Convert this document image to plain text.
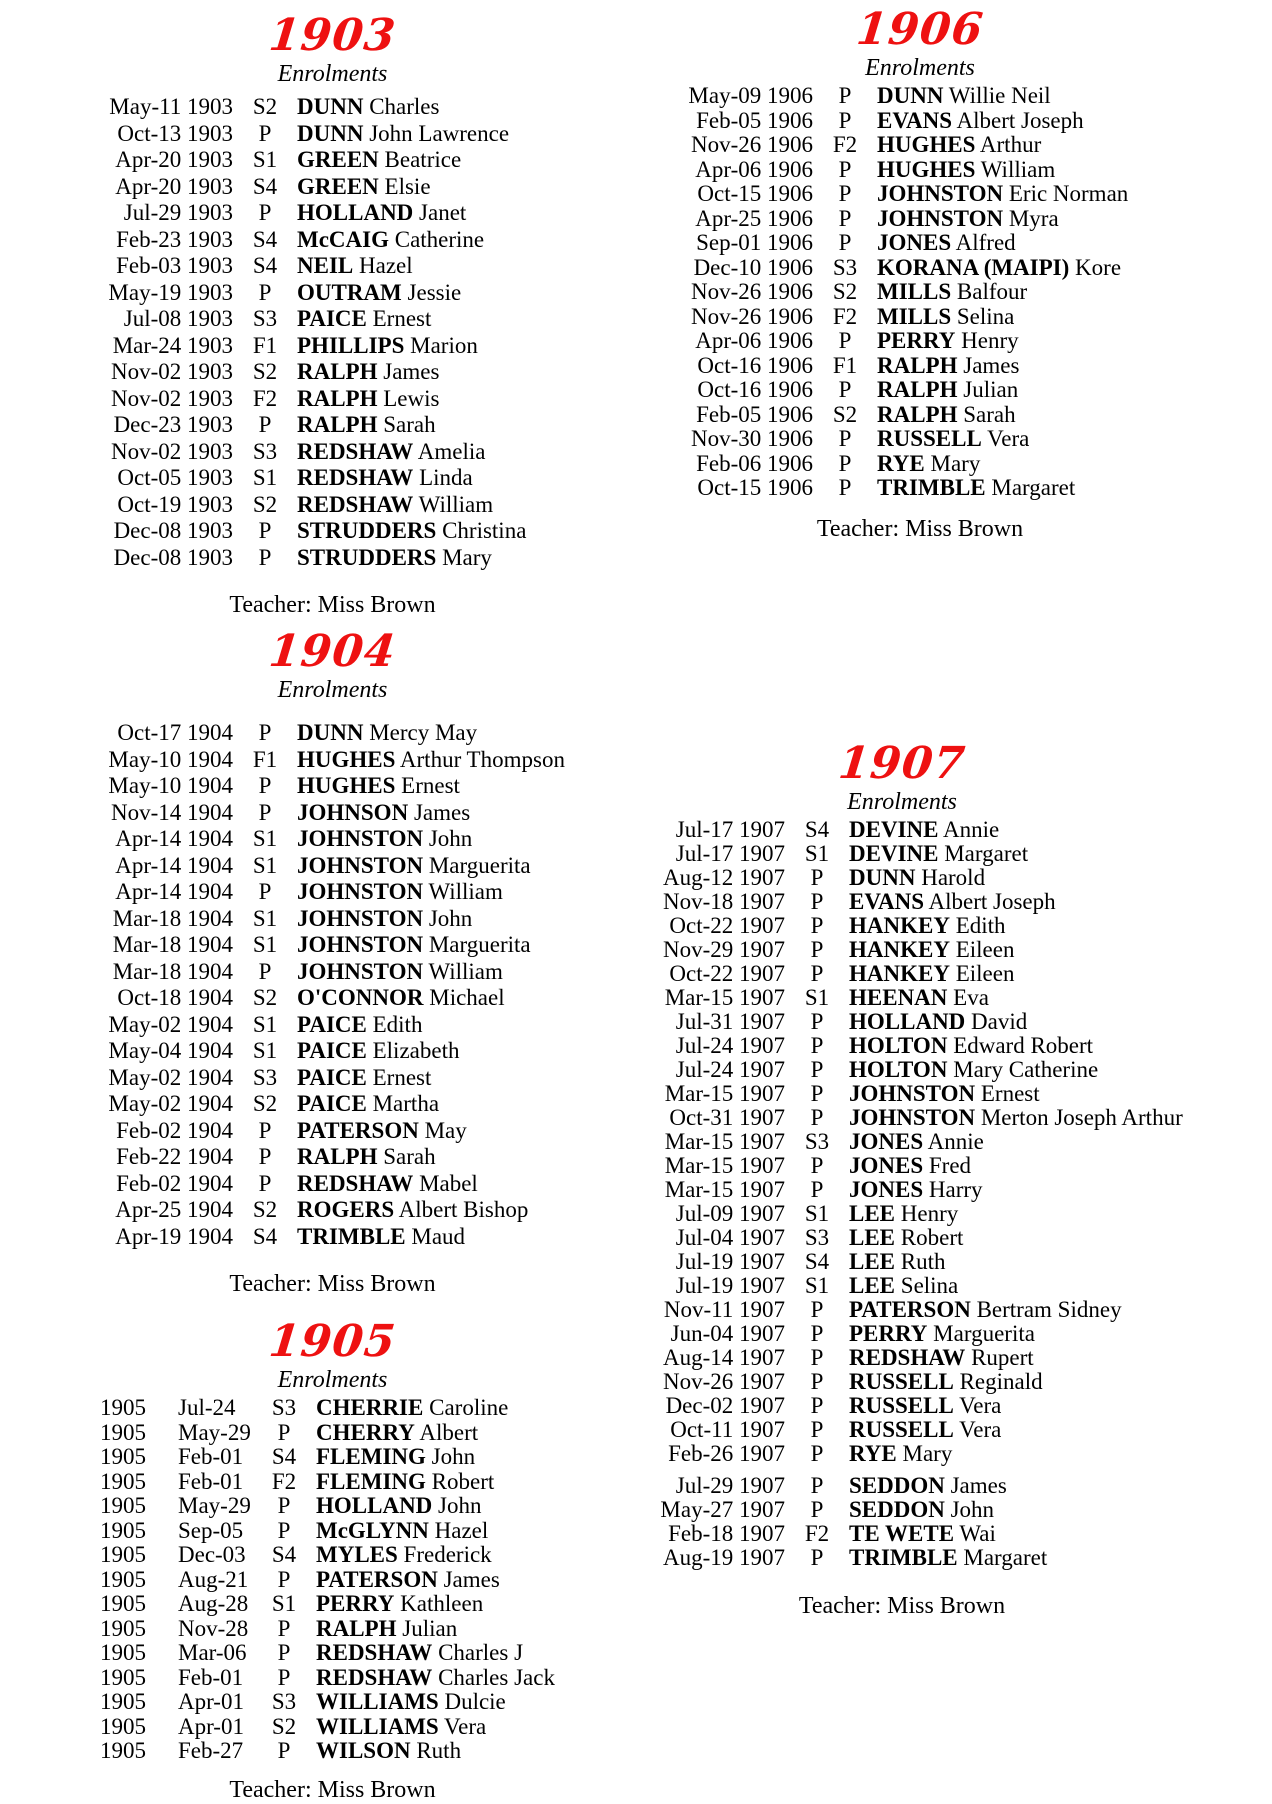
1903
Enrolments
May-11 1903 S2 DUNN Charles
Oct-13 1903	P	DUNN John Lawrence
Apr-20 1903 S1 GREEN Beatrice
Apr-20 1903 S4 GREEN Elsie
Jul-29 1903	P	HOLLAND Janet
Feb-23 1903 S4 McCAIG Catherine
Feb-03 1903 S4 NEIL Hazel
May-19 1903	P	OUTRAM Jessie
Jul-08 1903 S3 PAICE Ernest
Mar-24 1903 F1 PHILLIPS Marion
Nov-02 1903 S2 RALPH James
Nov-02 1903 F2 RALPH Lewis
Dec-23 1903	P	RALPH Sarah
Nov-02 1903 S3 REDSHAW Amelia
Oct-05 1903 S1 REDSHAW Linda
Oct-19 1903 S2 REDSHAW William
Dec-08 1903	P	STRUDDERS Christina
Dec-08 1903	P	STRUDDERS Mary
Teacher: Miss Brown
1904
Enrolments
Oct-17 1904	P	DUNN Mercy May
May-10 1904 F1 HUGHES Arthur Thompson
May-10 1904	P	HUGHES Ernest
Nov-14 1904	P	JOHNSON James
Apr-14 1904 S1 JOHNSTON John
Apr-14 1904 S1 JOHNSTON Marguerita
Apr-14 1904	P	JOHNSTON William
Mar-18 1904 S1 JOHNSTON John
Mar-18 1904 S1 JOHNSTON Marguerita
Mar-18 1904	P	JOHNSTON William
Oct-18 1904 S2 O'CONNOR Michael
May-02 1904 S1 PAICE Edith
May-04 1904 S1 PAICE Elizabeth
May-02 1904 S3 PAICE Ernest
May-02 1904 S2 PAICE Martha
Feb-02 1904	P	PATERSON May
Feb-22 1904	P	RALPH Sarah
Feb-02 1904	P	REDSHAW Mabel
Apr-25 1904 S2 ROGERS Albert Bishop
Apr-19 1904 S4 TRIMBLE Maud
Teacher: Miss Brown
1905
Enrolments
1905	Jul-24	S3 CHERRIE Caroline
1905	May-29	P	CHERRY Albert
1905	Feb-01	S4 FLEMING John
1905	Feb-01	F2 FLEMING Robert
1905	May-29	P	HOLLAND John
1905	Sep-05	P	McGLYNN Hazel
1905	Dec-03	S4 MYLES Frederick
1905	Aug-21	P	PATERSON James
1905	Aug-28	S1 PERRY Kathleen
1905	Nov-28	P	RALPH Julian
1905	Mar-06	P	REDSHAW Charles J
1905	Feb-01	P	REDSHAW Charles Jack
1905	Apr-01	S3 WILLIAMS Dulcie
1905	Apr-01	S2 WILLIAMS Vera
1905	Feb-27	P	WILSON Ruth
Teacher: Miss Brown
1906
Enrolments
May-09 1906	P	DUNN Willie Neil
Feb-05 1906	P	EVANS Albert Joseph
Nov-26 1906 F2 HUGHES Arthur
Apr-06 1906	P	HUGHES William
Oct-15 1906	P	JOHNSTON Eric Norman
Apr-25 1906	P	JOHNSTON Myra
Sep-01 1906	P	JONES Alfred
Dec-10 1906 S3 KORANA (MAIPI) Kore
Nov-26 1906 S2 MILLS Balfour
Nov-26 1906 F2 MILLS Selina
Apr-06 1906	P	PERRY Henry
Oct-16 1906 F1 RALPH James
Oct-16 1906	P	RALPH Julian
Feb-05 1906 S2 RALPH Sarah
Nov-30 1906	P	RUSSELL Vera
Feb-06 1906	P	RYE Mary
Oct-15 1906	P	TRIMBLE Margaret
Teacher: Miss Brown
1907
Enrolments
Jul-17 1907 S4 DEVINE Annie
Jul-17 1907 S1 DEVINE Margaret
Aug-12 1907	P	DUNN Harold
Nov-18 1907	P	EVANS Albert Joseph
Oct-22 1907	P	HANKEY Edith
Nov-29 1907	P	HANKEY Eileen
Oct-22 1907	P	HANKEY Eileen
Mar-15 1907 S1 HEENAN Eva
Jul-31 1907	P	HOLLAND David
Jul-24 1907	P	HOLTON Edward Robert
Jul-24 1907	P	HOLTON Mary Catherine
Mar-15 1907	P	JOHNSTON Ernest
Oct-31 1907	P	JOHNSTON Merton Joseph Arthur
Mar-15 1907 S3 JONES Annie
Mar-15 1907	P	JONES Fred
Mar-15 1907	P	JONES Harry
Jul-09 1907 S1 LEE Henry
Jul-04 1907 S3 LEE Robert
Jul-19 1907 S4 LEE Ruth
Jul-19 1907 S1 LEE Selina
Nov-11 1907	P	PATERSON Bertram Sidney
Jun-04 1907	P	PERRY Marguerita
Aug-14 1907	P	REDSHAW Rupert
Nov-26 1907	P	RUSSELL Reginald
Dec-02 1907	P	RUSSELL Vera
Oct-11 1907	P	RUSSELL Vera
Feb-26 1907	P	RYE Mary
Jul-29 1907	P	SEDDON James
May-27 1907	P	SEDDON John
Feb-18 1907 F2 TE WETE Wai
Aug-19 1907	P	TRIMBLE Margaret
Teacher: Miss Brown
